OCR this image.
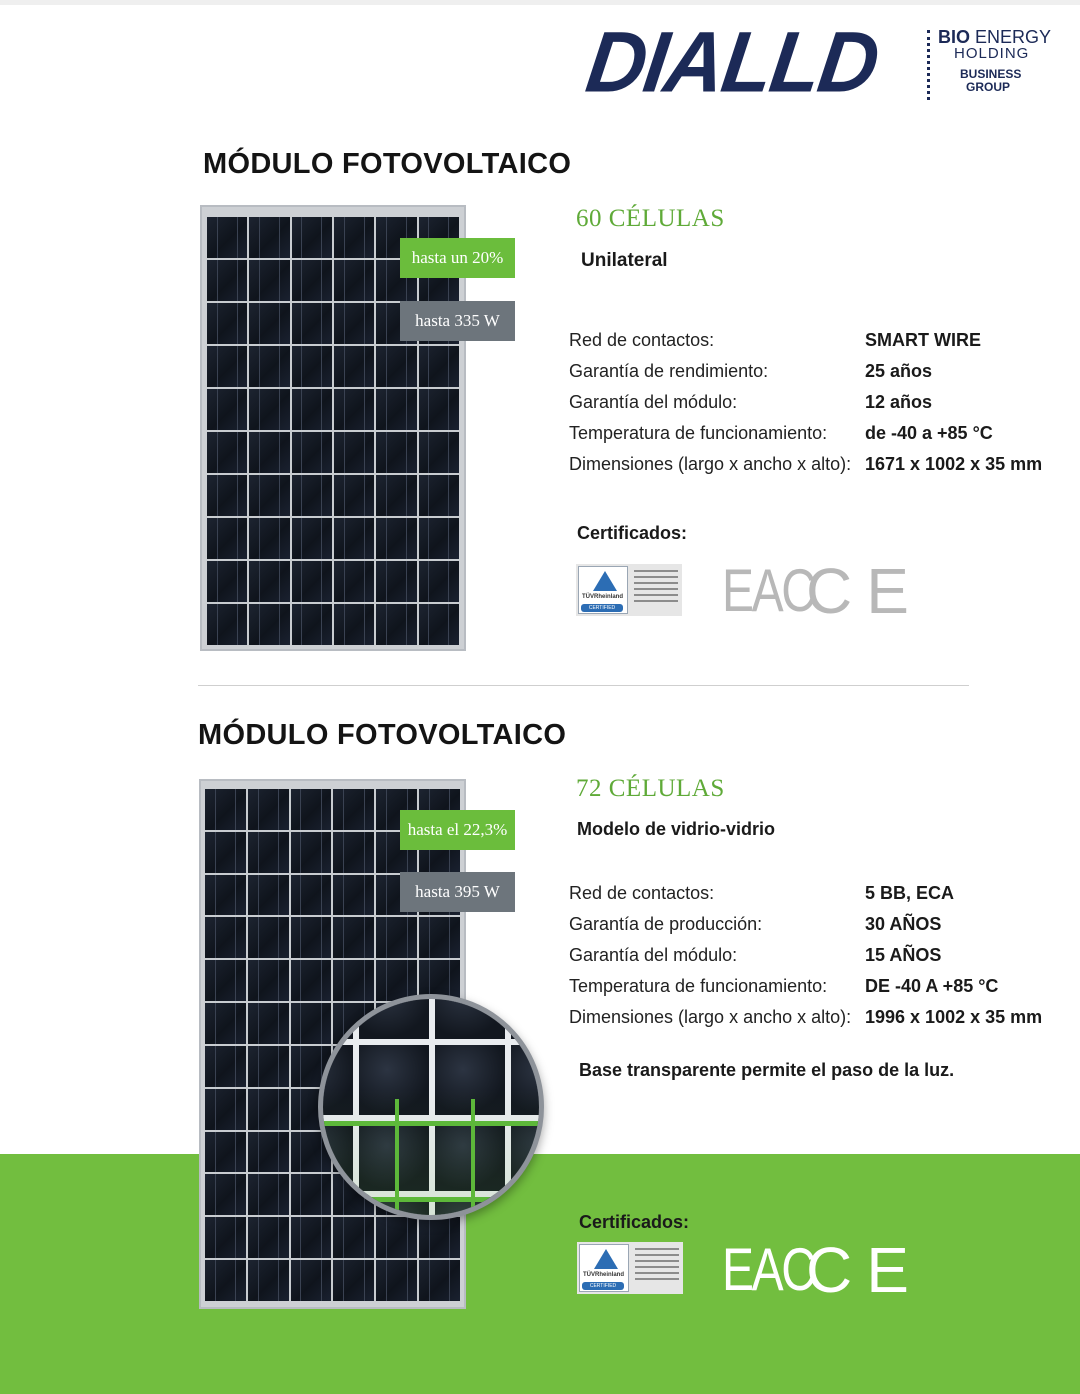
DIALLD	BIO ENERGY
HOLDING
BUSINESS
GROUP
MÓDULO FOTOVOLTAICO
hasta un 20%
hasta 335 W
60 CÉLULAS
Unilateral
Red de contactos:	SMART WIRE
Garantía de rendimiento:	25 años
Garantía del módulo:	12 años
Temperatura de funcionamiento:	de -40 a +85 °C
Dimensiones (largo x ancho x alto): 1671 x 1002 x 35 mm
Certificados:
TÜVRheinland
CERTIFIED EAC
CE
MÓDULO FOTOVOLTAICO
hasta el 22,3%
hasta 395 W
72 CÉLULAS
Modelo de vidrio-vidrio
Red de contactos:	5 BB, ECA
Garantía de producción:	30 AÑOS
Garantía del módulo:	15 AÑOS
Temperatura de funcionamiento:	DE -40 A +85 °C
Dimensiones (largo x ancho x alto): 1996 x 1002 x 35 mm
Base transparente permite el paso de la luz.
Certificados:
TÜVRheinland
CERTIFIED EAC
CE
